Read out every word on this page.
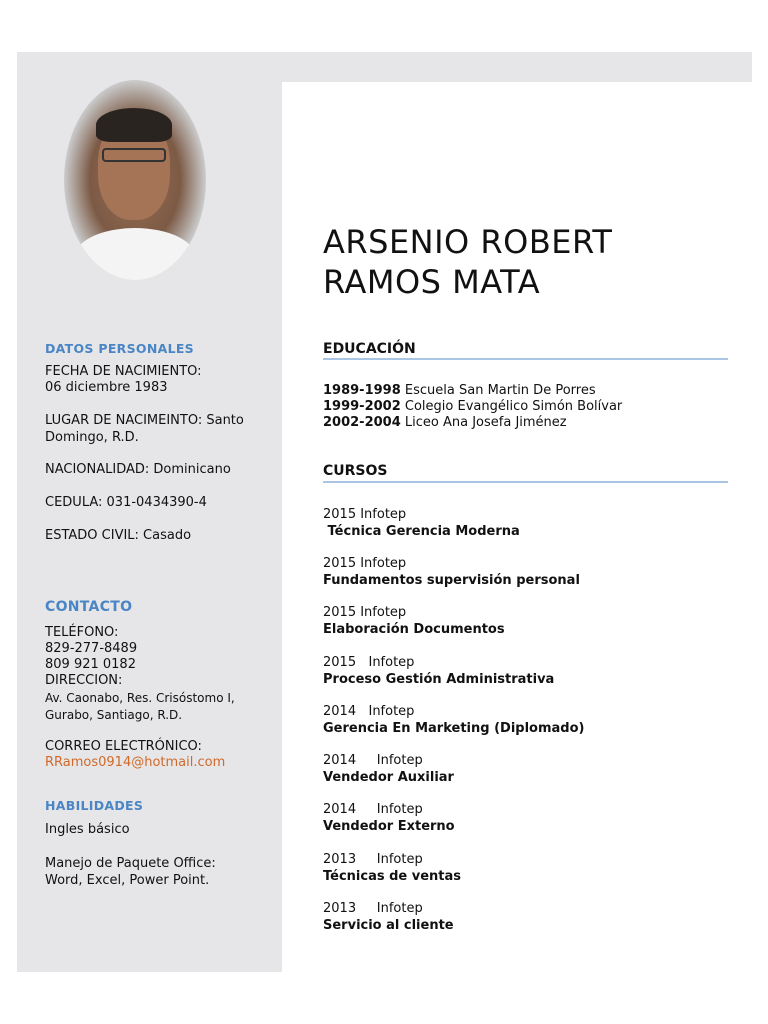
ARSENIO ROBERT
RAMOS MATA
DATOS PERSONALES
FECHA DE NACIMIENTO:
06 diciembre 1983
LUGAR DE NACIMEINTO: Santo
Domingo, R.D.
NACIONALIDAD: Dominicano
CEDULA: 031-0434390-4
ESTADO CIVIL: Casado
CONTACTO
TELÉFONO:
829-277-8489
809 921 0182
DIRECCION:
Av. Caonabo, Res. Crisóstomo I,
Gurabo, Santiago, R.D.
CORREO ELECTRÓNICO:
RRamos0914@hotmail.com
HABILIDADES
Ingles básico
Manejo de Paquete Office:
Word, Excel, Power Point.
EDUCACIÓN
1989-1998 Escuela San Martin De Porres
1999-2002 Colegio Evangélico Simón Bolívar
2002-2004 Liceo Ana Josefa Jiménez
CURSOS
2015 Infotep
Técnica Gerencia Moderna
2015 Infotep
Fundamentos supervisión personal
2015 Infotep
Elaboración Documentos
2015   Infotep
Proceso Gestión Administrativa
2014   Infotep
Gerencia En Marketing (Diplomado)
2014     Infotep
Vendedor Auxiliar
2014     Infotep
Vendedor Externo
2013     Infotep
Técnicas de ventas
2013     Infotep
Servicio al cliente
